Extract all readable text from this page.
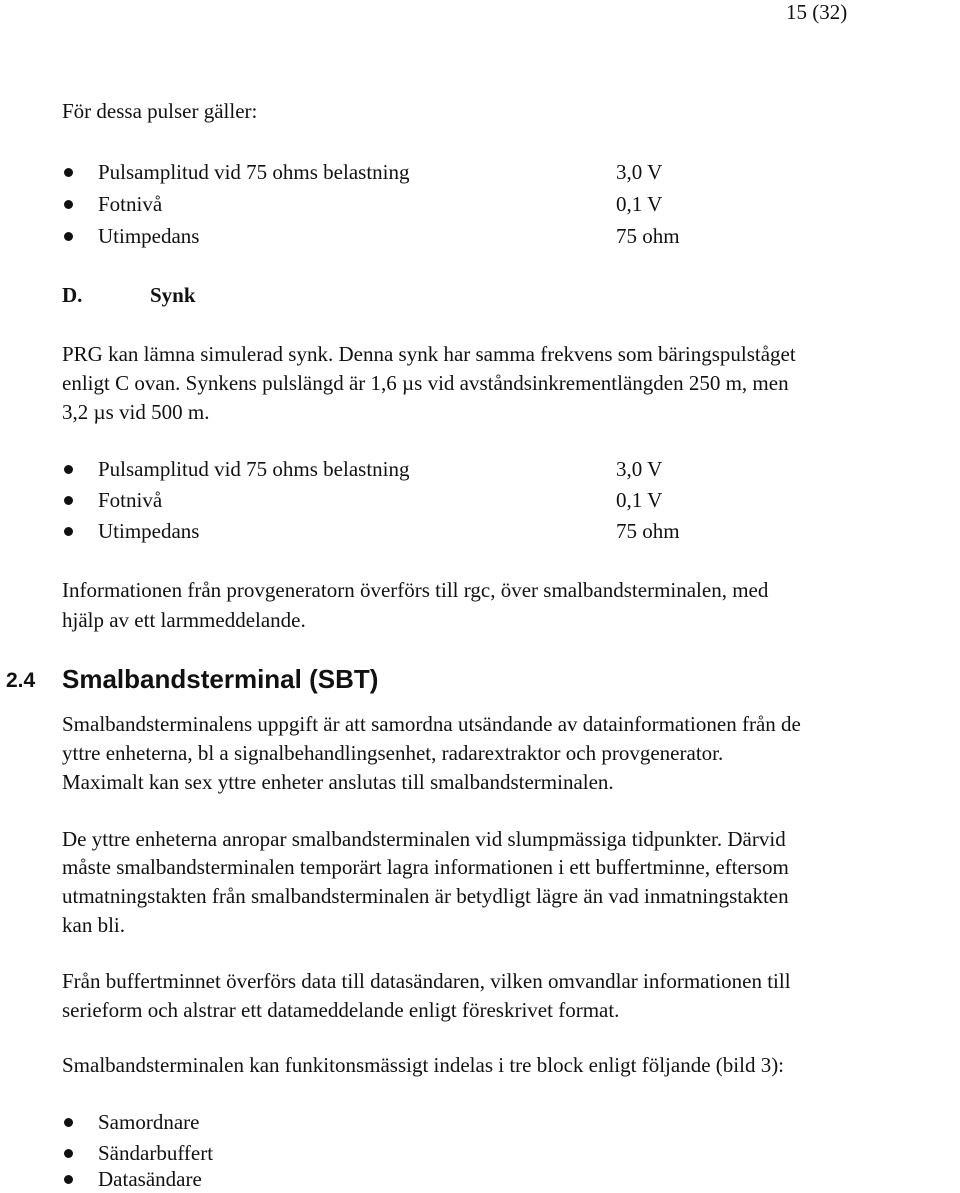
15 (32)
För dessa pulser gäller:
Pulsamplitud vid 75 ohms belastning	3,0 V
Fotnivå	0,1 V
Utimpedans	75 ohm
D.	Synk
PRG kan lämna simulerad synk. Denna synk har samma frekvens som bäringspulståget
enligt C ovan. Synkens pulslängd är 1,6 µs vid avståndsinkrementlängden 250 m, men
3,2 µs vid 500 m.
Pulsamplitud vid 75 ohms belastning	3,0 V
Fotnivå	0,1 V
Utimpedans	75 ohm
Informationen från provgeneratorn överförs till rgc, över smalbandsterminalen, med
hjälp av ett larmmeddelande.
2.4 Smalbandsterminal (SBT)
Smalbandsterminalens uppgift är att samordna utsändande av datainformationen från de
yttre enheterna, bl a signalbehandlingsenhet, radarextraktor och provgenerator.
Maximalt kan sex yttre enheter anslutas till smalbandsterminalen.
De yttre enheterna anropar smalbandsterminalen vid slumpmässiga tidpunkter. Därvid
måste smalbandsterminalen temporärt lagra informationen i ett buffertminne, eftersom
utmatningstakten från smalbandsterminalen är betydligt lägre än vad inmatningstakten
kan bli.
Från buffertminnet överförs data till datasändaren, vilken omvandlar informationen till
serieform och alstrar ett datameddelande enligt föreskrivet format.
Smalbandsterminalen kan funkitonsmässigt indelas i tre block enligt följande (bild 3):
Samordnare
Sändarbuffert
Datasändare
